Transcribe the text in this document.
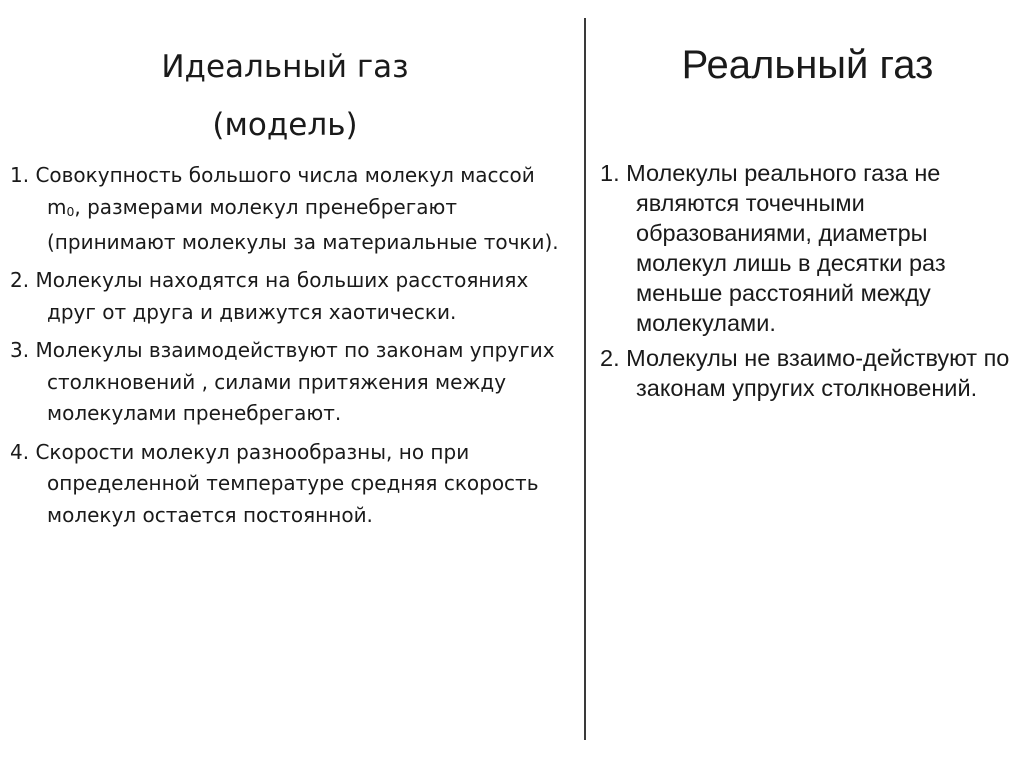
Идеальный газ
(модель)
1. Совокупность большого числа молекул массой m0, размерами молекул пренебрегают (принимают молекулы за материальные точки).
2. Молекулы находятся на больших расстояниях друг от друга и движутся хаотически.
3. Молекулы взаимодействуют по законам упругих столкновений , силами притяжения между молекулами пренебрегают.
4. Скорости молекул разнообразны, но при определенной температуре средняя скорость молекул остается постоянной.
Реальный газ
1. Молекулы реального газа не являются точечными образованиями, диаметры молекул лишь в десятки раз меньше расстояний между молекулами.
2. Молекулы не взаимо-действуют по законам упругих столкновений.
